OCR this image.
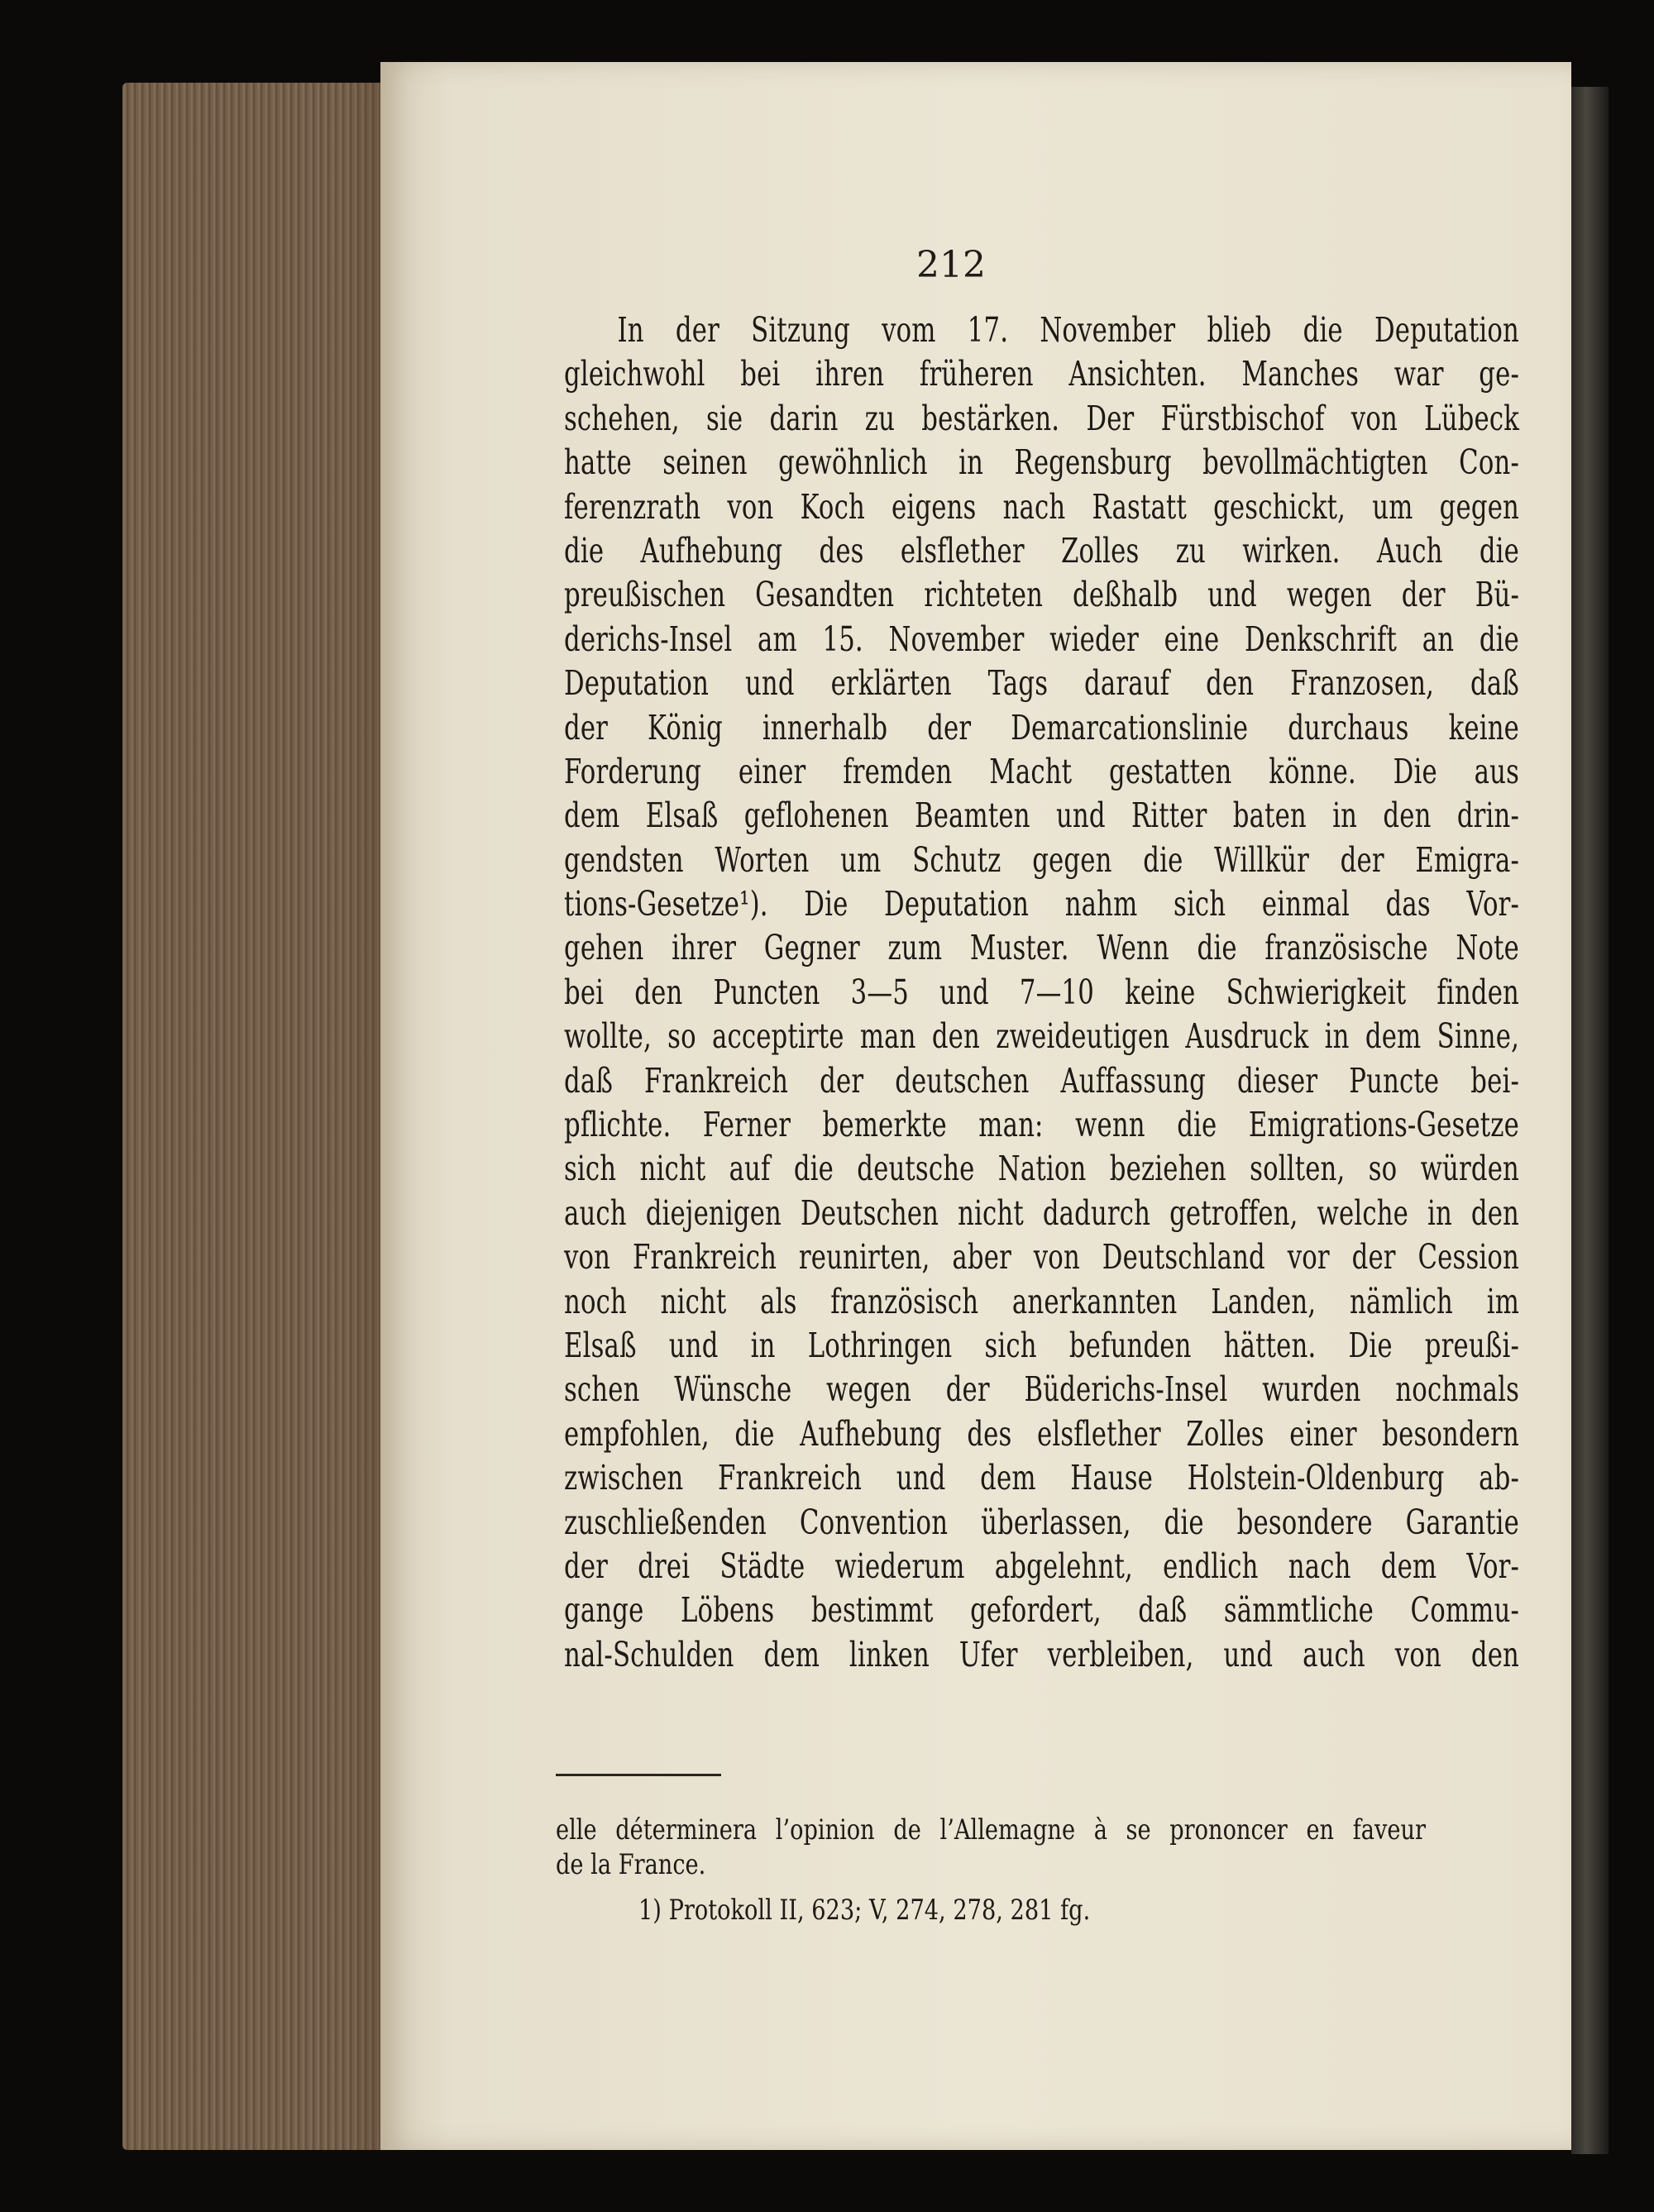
212
In der Sitzung vom 17. November blieb die Deputation
gleichwohl bei ihren früheren Ansichten. Manches war ge-
schehen, sie darin zu bestärken. Der Fürstbischof von Lübeck
hatte seinen gewöhnlich in Regensburg bevollmächtigten Con-
ferenzrath von Koch eigens nach Rastatt geschickt, um gegen
die Aufhebung des elsflether Zolles zu wirken. Auch die
preußischen Gesandten richteten deßhalb und wegen der Bü-
derichs-Insel am 15. November wieder eine Denkschrift an die
Deputation und erklärten Tags darauf den Franzosen, daß
der König innerhalb der Demarcationslinie durchaus keine
Forderung einer fremden Macht gestatten könne. Die aus
dem Elsaß geflohenen Beamten und Ritter baten in den drin-
gendsten Worten um Schutz gegen die Willkür der Emigra-
tions-Gesetze¹). Die Deputation nahm sich einmal das Vor-
gehen ihrer Gegner zum Muster. Wenn die französische Note
bei den Puncten 3—5 und 7—10 keine Schwierigkeit finden
wollte, so acceptirte man den zweideutigen Ausdruck in dem Sinne,
daß Frankreich der deutschen Auffassung dieser Puncte bei-
pflichte. Ferner bemerkte man: wenn die Emigrations-Gesetze
sich nicht auf die deutsche Nation beziehen sollten, so würden
auch diejenigen Deutschen nicht dadurch getroffen, welche in den
von Frankreich reunirten, aber von Deutschland vor der Cession
noch nicht als französisch anerkannten Landen, nämlich im
Elsaß und in Lothringen sich befunden hätten. Die preußi-
schen Wünsche wegen der Büderichs-Insel wurden nochmals
empfohlen, die Aufhebung des elsflether Zolles einer besondern
zwischen Frankreich und dem Hause Holstein-Oldenburg ab-
zuschließenden Convention überlassen, die besondere Garantie
der drei Städte wiederum abgelehnt, endlich nach dem Vor-
gange Löbens bestimmt gefordert, daß sämmtliche Commu-
nal-Schulden dem linken Ufer verbleiben, und auch von den
elle déterminera l’opinion de l’Allemagne à se prononcer en faveur
de la France.
1) Protokoll II, 623; V, 274, 278, 281 fg.
